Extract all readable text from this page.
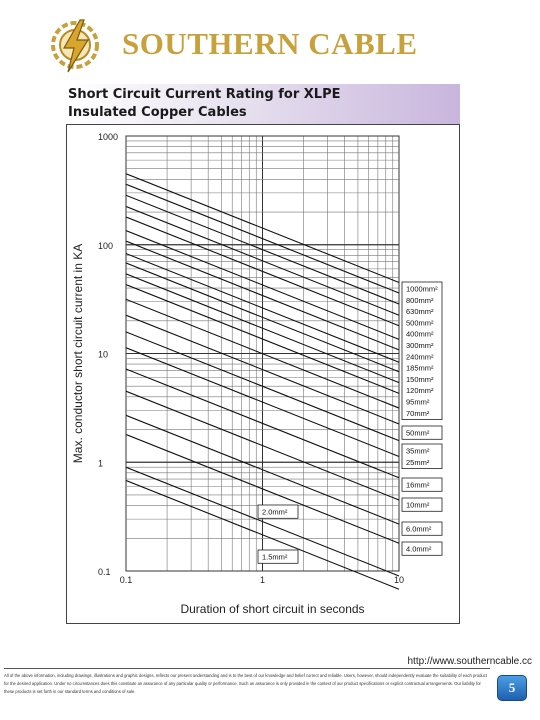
SOUTHERN CABLE
Short Circuit Current Rating for XLPE
Insulated Copper Cables
0.1
1
10
100
1000
0.1	1	10
Max. conductor short circuit current in KA
Duration of short circuit in seconds
1000mm²
800mm²
630mm²
500mm²
400mm²
300mm²
240mm²
185mm²
150mm²
120mm²
95mm²
70mm²
50mm²
35mm²
25mm²
16mm²
10mm²
6.0mm²
4.0mm²
2.0mm²
1.5mm²
http://www.southerncable.cc
All of the above information, including drawings, illustrations and graphic designs, reflects our present understanding and is to the best of our knowledge and belief correct and reliable. Users, however, should independently evaluate the suitability of each product for the desired application. Under no circumstances does this constitute an assurance of any particular quality or performance. Such an assurance is only provided in the context of our product specifications or explicit contractual arrangements. Our liability for these products is set forth in our standard terms and conditions of sale.	5
